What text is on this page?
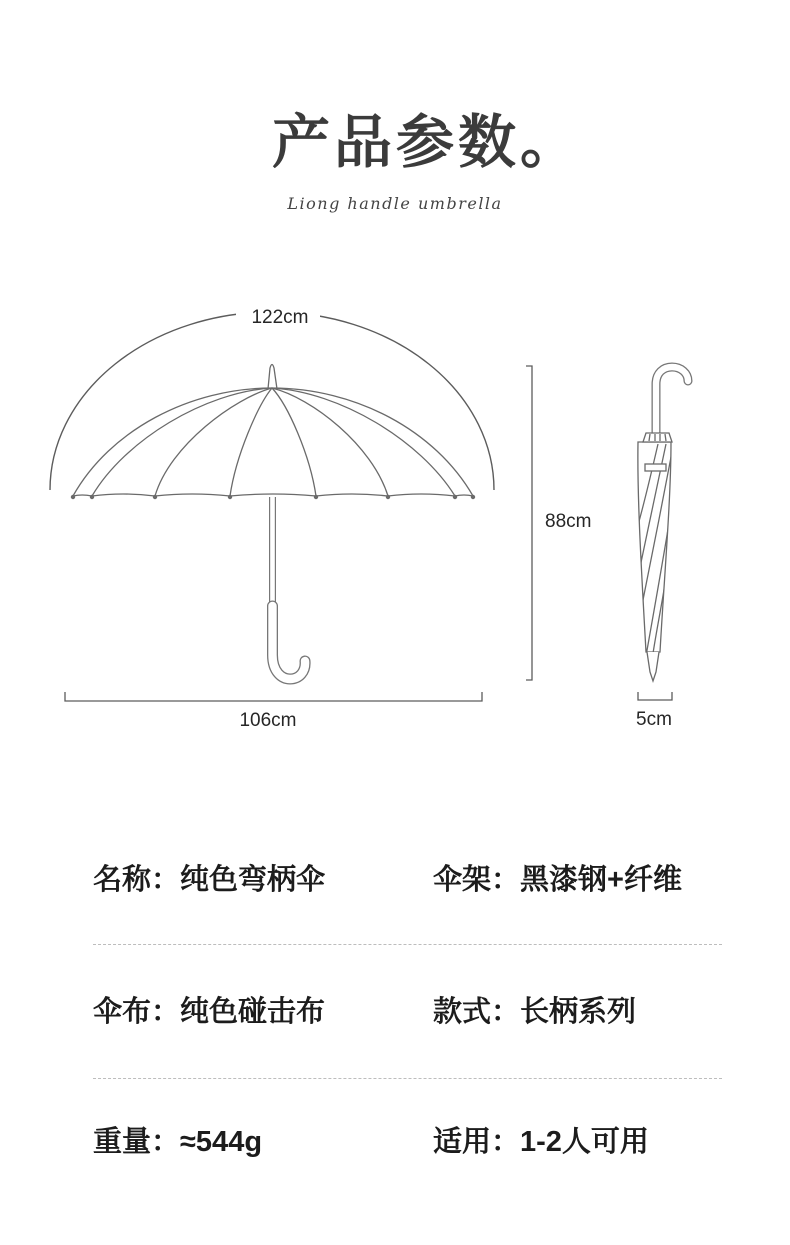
产品参数。
Liong handle umbrella
122cm
106cm
88cm
5cm
名称：纯色弯柄伞	伞架：黑漆钢+纤维
伞布：纯色碰击布	款式：长柄系列
重量：≈544g	适用：1-2人可用
